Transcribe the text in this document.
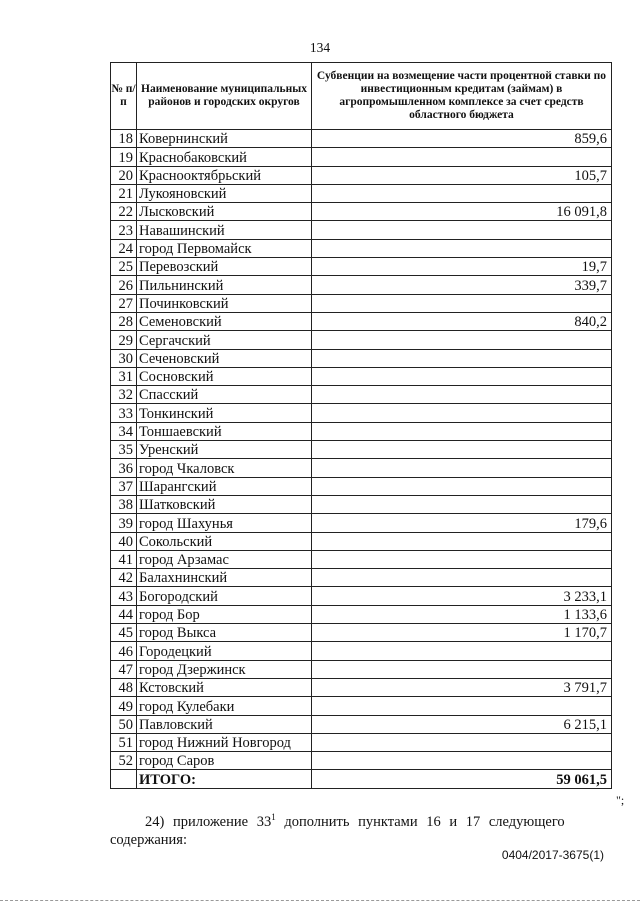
134
№ п/п	Наименование муниципальных районов и городских округов	Субвенции на возмещение части процентной ставки по инвестиционным кредитам (займам) в агропромышленном комплексе за счет средств областного бюджета
18	Ковернинский	859,6
19	Краснобаковский	
20	Краснооктябрьский	105,7
21	Лукояновский	
22	Лысковский	16 091,8
23	Навашинский	
24	город Первомайск	
25	Перевозский	19,7
26	Пильнинский	339,7
27	Починковский	
28	Семеновский	840,2
29	Сергачский	
30	Сеченовский	
31	Сосновский	
32	Спасский	
33	Тонкинский	
34	Тоншаевский	
35	Уренский	
36	город Чкаловск	
37	Шарангский	
38	Шатковский	
39	город Шахунья	179,6
40	Сокольский	
41	город Арзамас	
42	Балахнинский	
43	Богородский	3 233,1
44	город Бор	1 133,6
45	город Выкса	1 170,7
46	Городецкий	
47	город Дзержинск	
48	Кстовский	3 791,7
49	город Кулебаки	
50	Павловский	6 215,1
51	город Нижний Новгород	
52	город Саров	
	ИТОГО:	59 061,5
";
24) приложение $33^1$ дополнить пунктами 16 и 17 следующего
содержания:
0404/2017-3675(1)
